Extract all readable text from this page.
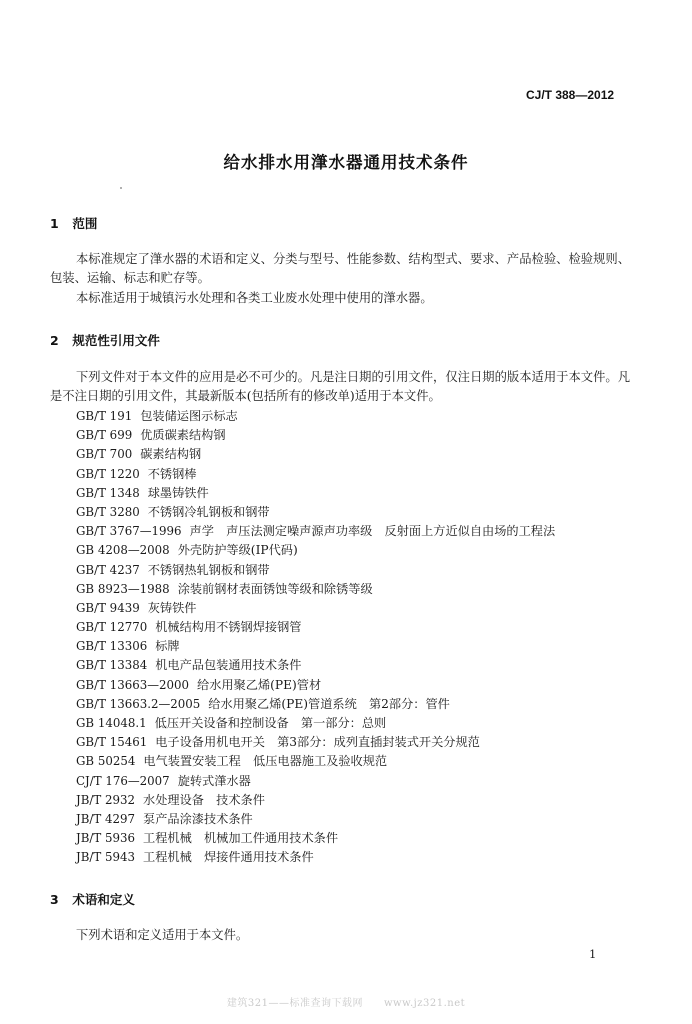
CJ/T 388—2012
给水排水用潷水器通用技术条件
1 范围

本标准规定了潷水器的术语和定义、分类与型号、性能参数、结构型式、要求、产品检验、检验规则、包装、运输、标志和贮存等。

本标准适用于城镇污水处理和各类工业废水处理中使用的潷水器。

2 规范性引用文件

下列文件对于本文件的应用是必不可少的。凡是注日期的引用文件，仅注日期的版本适用于本文件。凡是不注日期的引用文件，其最新版本(包括所有的修改单)适用于本文件。

GB/T 191 包装储运图示标志
GB/T 699 优质碳素结构钢
GB/T 700 碳素结构钢
GB/T 1220 不锈钢棒
GB/T 1348 球墨铸铁件
GB/T 3280 不锈钢冷轧钢板和钢带
GB/T 3767—1996 声学　声压法测定噪声源声功率级　反射面上方近似自由场的工程法
GB 4208—2008 外壳防护等级(IP代码)
GB/T 4237 不锈钢热轧钢板和钢带
GB 8923—1988 涂装前钢材表面锈蚀等级和除锈等级
GB/T 9439 灰铸铁件
GB/T 12770 机械结构用不锈钢焊接钢管
GB/T 13306 标牌
GB/T 13384 机电产品包装通用技术条件
GB/T 13663—2000 给水用聚乙烯(PE)管材
GB/T 13663.2—2005 给水用聚乙烯(PE)管道系统　第2部分：管件
GB 14048.1 低压开关设备和控制设备　第一部分：总则
GB/T 15461 电子设备用机电开关　第3部分：成列直插封装式开关分规范
GB 50254 电气装置安装工程　低压电器施工及验收规范
CJ/T 176—2007 旋转式潷水器
JB/T 2932 水处理设备　技术条件
JB/T 4297 泵产品涂漆技术条件
JB/T 5936 工程机械　机械加工件通用技术条件
JB/T 5943 工程机械　焊接件通用技术条件
3 术语和定义

下列术语和定义适用于本文件。

1
建筑321——标准查询下载网　　www.jz321.net
